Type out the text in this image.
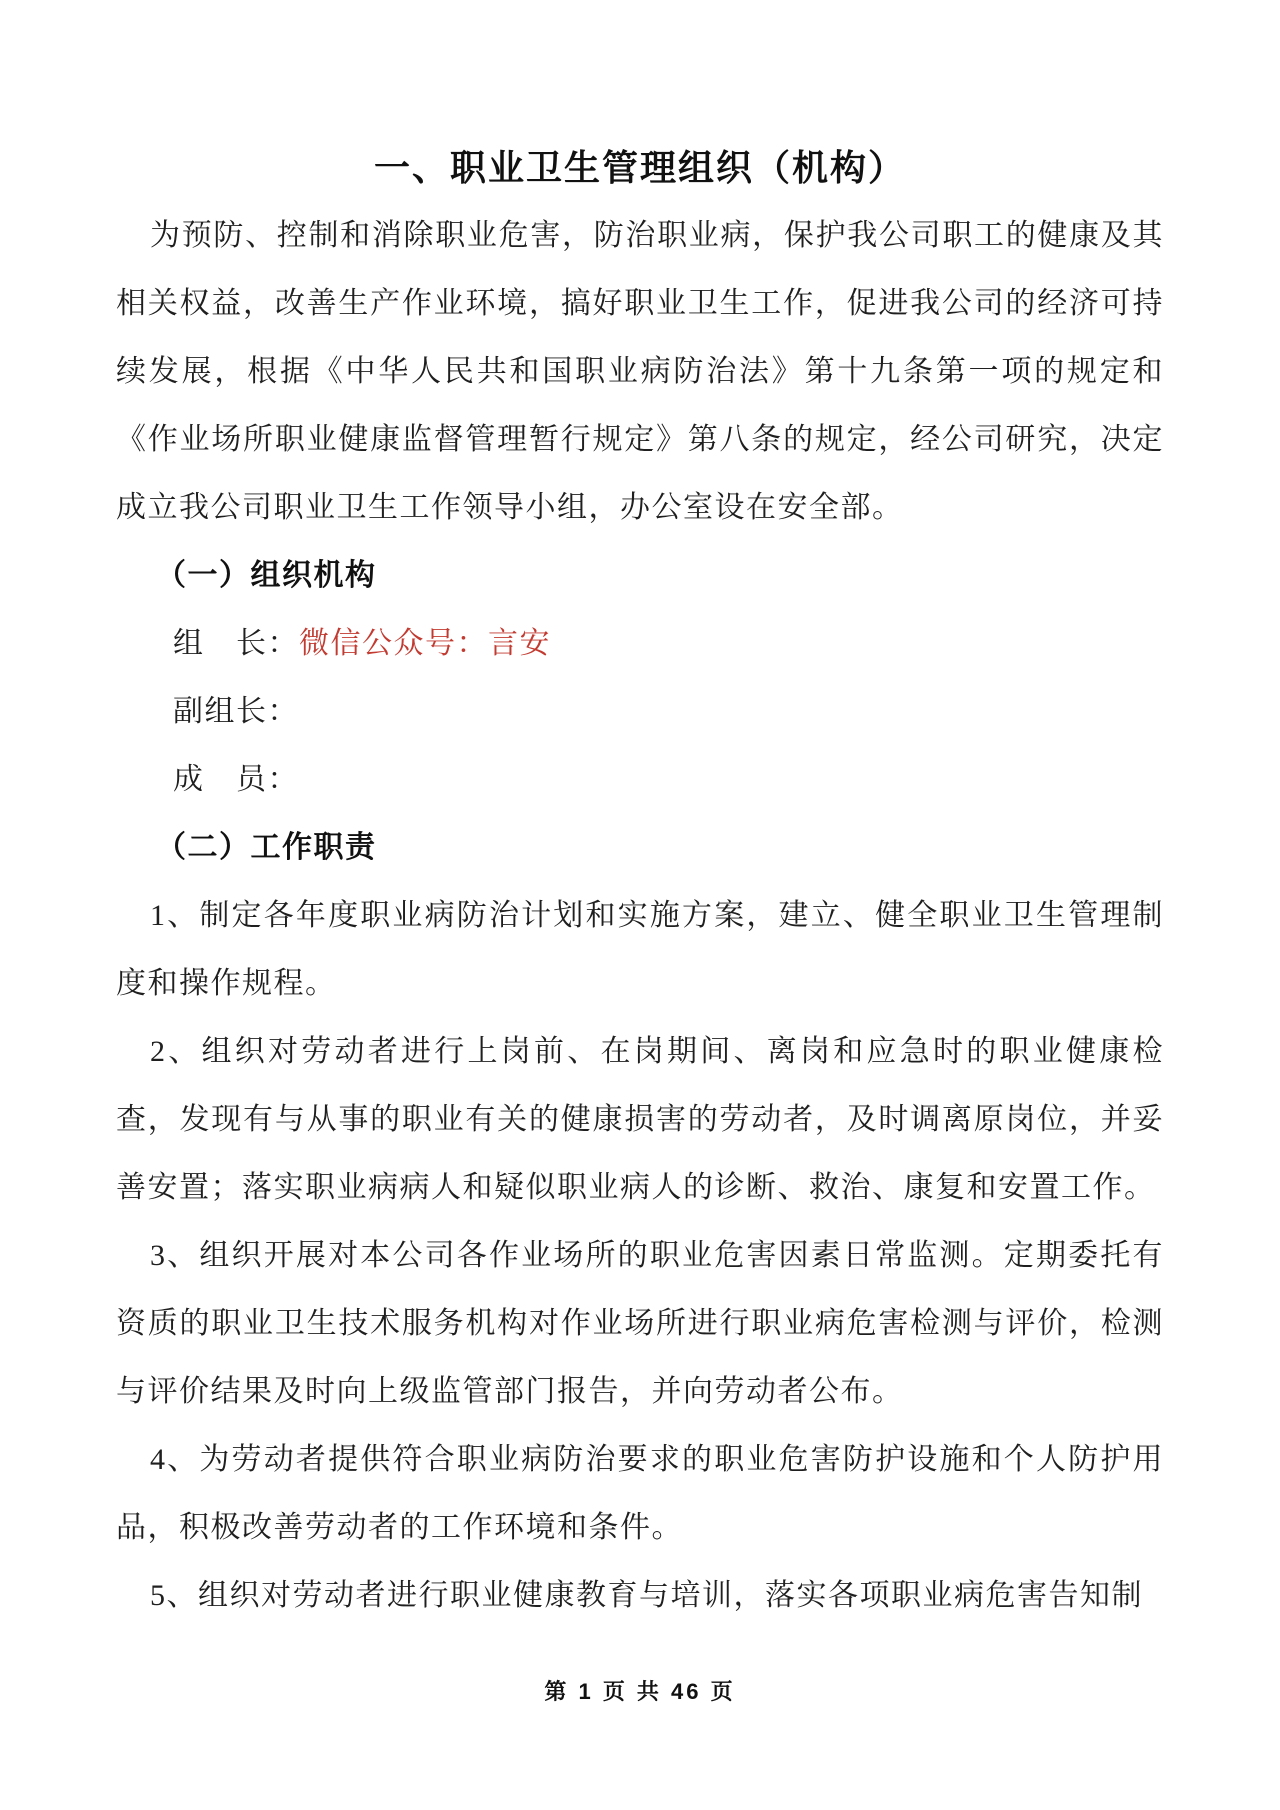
一、职业卫生管理组织（机构）

为预防、控制和消除职业危害，防治职业病，保护我公司职工的健康及其相关权益，改善生产作业环境，搞好职业卫生工作，促进我公司的经济可持续发展，根据《中华人民共和国职业病防治法》第十九条第一项的规定和《作业场所职业健康监督管理暂行规定》第八条的规定，经公司研究，决定成立我公司职业卫生工作领导小组，办公室设在安全部。

（一）组织机构
组　长：微信公众号：言安
副组长：
成　员：
（二）工作职责

1、制定各年度职业病防治计划和实施方案，建立、健全职业卫生管理制度和操作规程。

2、组织对劳动者进行上岗前、在岗期间、离岗和应急时的职业健康检查，发现有与从事的职业有关的健康损害的劳动者，及时调离原岗位，并妥善安置；落实职业病病人和疑似职业病人的诊断、救治、康复和安置工作。

3、组织开展对本公司各作业场所的职业危害因素日常监测。定期委托有资质的职业卫生技术服务机构对作业场所进行职业病危害检测与评价，检测与评价结果及时向上级监管部门报告，并向劳动者公布。

4、为劳动者提供符合职业病防治要求的职业危害防护设施和个人防护用品，积极改善劳动者的工作环境和条件。

5、组织对劳动者进行职业健康教育与培训，落实各项职业病危害告知制

第 1 页 共 46 页
